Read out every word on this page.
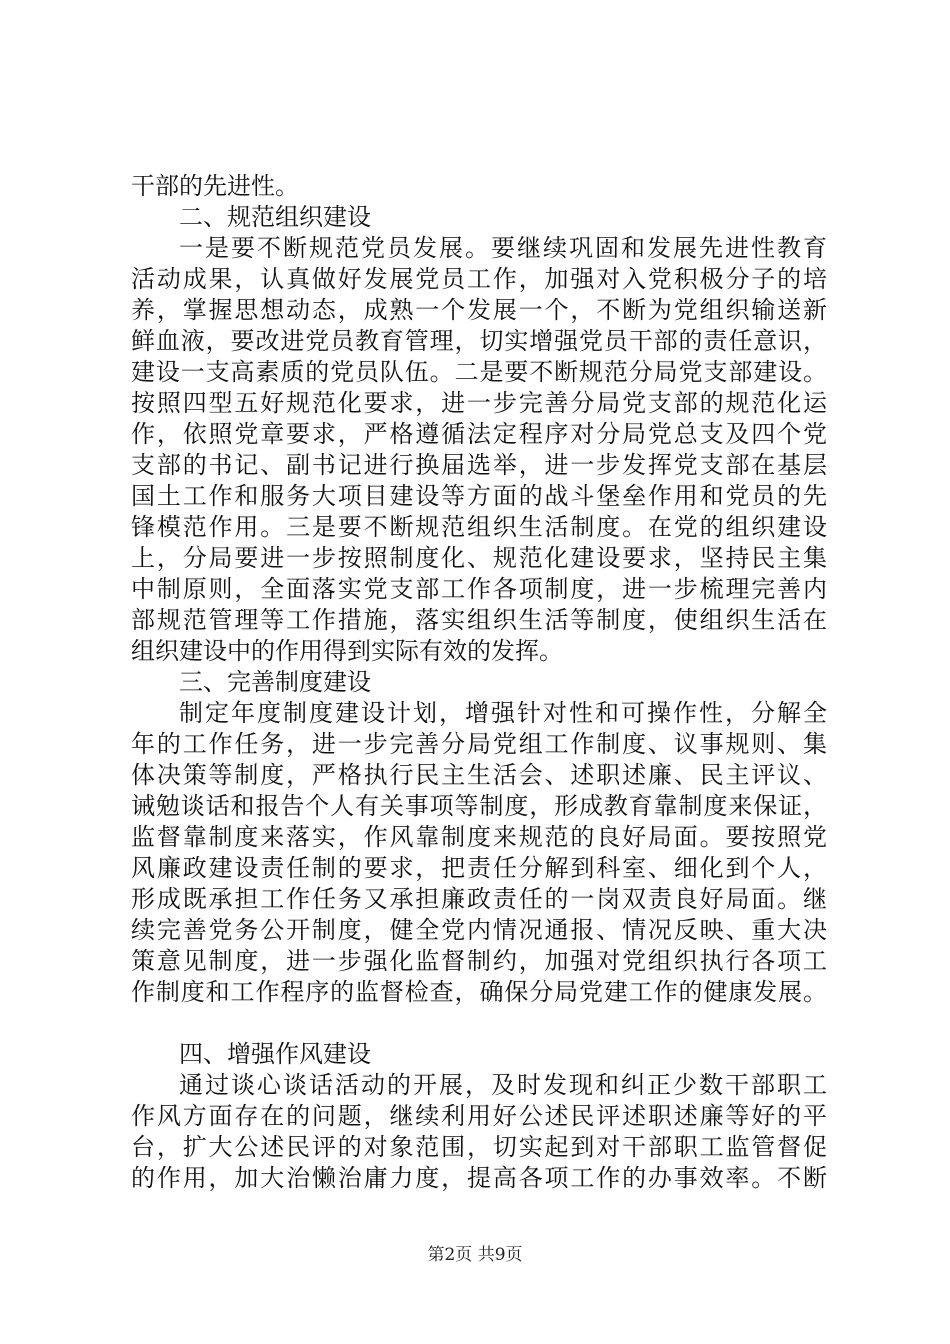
干部的先进性。
二、规范组织建设
一是要不断规范党员发展。要继续巩固和发展先进性教育
活动成果，认真做好发展党员工作，加强对入党积极分子的培
养，掌握思想动态，成熟一个发展一个，不断为党组织输送新
鲜血液，要改进党员教育管理，切实增强党员干部的责任意识，
建设一支高素质的党员队伍。二是要不断规范分局党支部建设。
按照四型五好规范化要求，进一步完善分局党支部的规范化运
作，依照党章要求，严格遵循法定程序对分局党总支及四个党
支部的书记、副书记进行换届选举，进一步发挥党支部在基层
国土工作和服务大项目建设等方面的战斗堡垒作用和党员的先
锋模范作用。三是要不断规范组织生活制度。在党的组织建设
上，分局要进一步按照制度化、规范化建设要求，坚持民主集
中制原则，全面落实党支部工作各项制度，进一步梳理完善内
部规范管理等工作措施，落实组织生活等制度，使组织生活在
组织建设中的作用得到实际有效的发挥。
三、完善制度建设
制定年度制度建设计划，增强针对性和可操作性，分解全
年的工作任务，进一步完善分局党组工作制度、议事规则、集
体决策等制度，严格执行民主生活会、述职述廉、民主评议、
诫勉谈话和报告个人有关事项等制度，形成教育靠制度来保证，
监督靠制度来落实，作风靠制度来规范的良好局面。要按照党
风廉政建设责任制的要求，把责任分解到科室、细化到个人，
形成既承担工作任务又承担廉政责任的一岗双责良好局面。继
续完善党务公开制度，健全党内情况通报、情况反映、重大决
策意见制度，进一步强化监督制约，加强对党组织执行各项工
作制度和工作程序的监督检查，确保分局党建工作的健康发展。
四、增强作风建设
通过谈心谈话活动的开展，及时发现和纠正少数干部职工
作风方面存在的问题，继续利用好公述民评述职述廉等好的平
台，扩大公述民评的对象范围，切实起到对干部职工监管督促
的作用，加大治懒治庸力度，提高各项工作的办事效率。不断
第2页 共9页
